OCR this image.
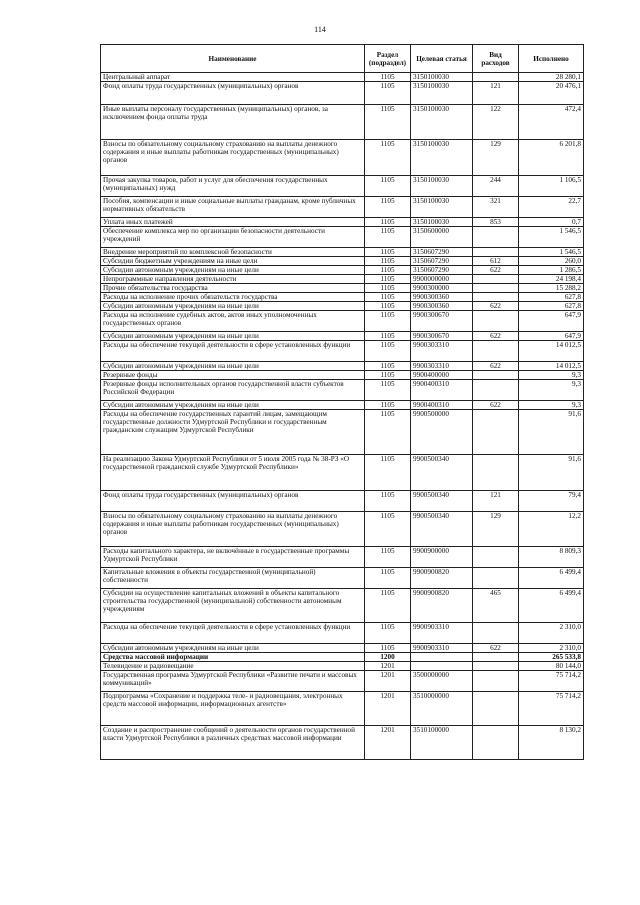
114
Наименование	Раздел (подраздел)	Целевая статья	Вид расходов	Исполнено
Центральный аппарат	1105	3150100030		28 280,1
Фонд оплаты труда государственных (муниципальных) органов	1105	3150100030	121	20 476,1
Иные выплаты персоналу государственных (муниципальных) органов, за исключением фонда оплаты труда	1105	3150100030	122	472,4
Взносы по обязательному социальному страхованию на выплаты денежного содержания и иные выплаты работникам государственных (муниципальных) органов	1105	3150100030	129	6 201,8
Прочая закупка товаров, работ и услуг для обеспечения государственных (муниципальных) нужд	1105	3150100030	244	1 106,5
Пособия, компенсации и иные социальные выплаты гражданам, кроме публичных нормативных обязательств	1105	3150100030	321	22,7
Уплата иных платежей	1105	3150100030	853	0,7
Обеспечение комплекса мер по организации безопасности деятельности учреждений	1105	3150600000		1 546,5
Внедрение мероприятий по комплексной безопасности	1105	3150607290		1 546,5
Субсидии бюджетным учреждениям на иные цели	1105	3150607290	612	260,0
Субсидии автономным учреждениям на иные цели	1105	3150607290	622	1 286,5
Непрограммные направления деятельности	1105	9900000000		24 198,4
Прочие обязательства государства	1105	9900300000		15 288,2
Расходы на исполнение прочих обязательств государства	1105	9900300360		627,8
Субсидии автономным учреждениям на иные цели	1105	9900300360	622	627,8
Расходы на исполнение судебных актов, актов иных уполномоченных государственных органов	1105	9900300670		647,9
Субсидии автономным учреждениям на иные цели	1105	9900300670	622	647,9
Расходы на обеспечение текущей деятельности в сфере установленных функции	1105	9900303310		14 012,5
Субсидии автономным учреждениям на иные цели	1105	9900303310	622	14 012,5
Резервные фонды	1105	9900400000		9,3
Резервные фонды исполнительных органов государственной власти субъектов Российской Федерации	1105	9900400310		9,3
Субсидии автономным учреждениям на иные цели	1105	9900400310	622	9,3
Расходы на обеспечение государственных гарантий лицам, замещающим государственные должности Удмуртской Республики и государственным гражданским служащим Удмуртской Республики	1105	9900500000		91,6
На реализацию Закона Удмуртской Республики от 5 июля 2005 года № 38-РЗ «О государственной гражданской службе Удмуртской Республики»	1105	9900500340		91,6
Фонд оплаты труда государственных (муниципальных) органов	1105	9900500340	121	79,4
Взносы по обязательному социальному страхованию на выплаты денежного содержания и иные выплаты работникам государственных (муниципальных) органов	1105	9900500340	129	12,2
Расходы капитального характера, не включённые в государственные программы Удмуртской Республики	1105	9900900000		8 809,3
Капитальные вложения в объекты государственной (муниципальной) собственности	1105	9900900820		6 499,4
Субсидии на осуществление капитальных вложений в объекты капитального строительства государственной (муниципальной) собственности автономным учреждениям	1105	9900900820	465	6 499,4
Расходы на обеспечение текущей деятельности в сфере установленных функции	1105	9900903310		2 310,0
Субсидии автономным учреждениям на иные цели	1105	9900903310	622	2 310,0
Средства массовой информации	1200			265 533,8
Телевидение и радиовещание	1201			80 144,0
Государственная программа Удмуртской Республики «Развитие печати и массовых коммуникаций»	1201	3500000000		75 714,2
Подпрограмма «Сохранение и поддержка теле- и радиовещания, электронных средств массовой информации, информационных агентств»	1201	3510000000		75 714,2
Создание и распространение сообщений о деятельности органов государственной власти Удмуртской Республики в различных средствах массовой информации	1201	3510100000		8 130,2
